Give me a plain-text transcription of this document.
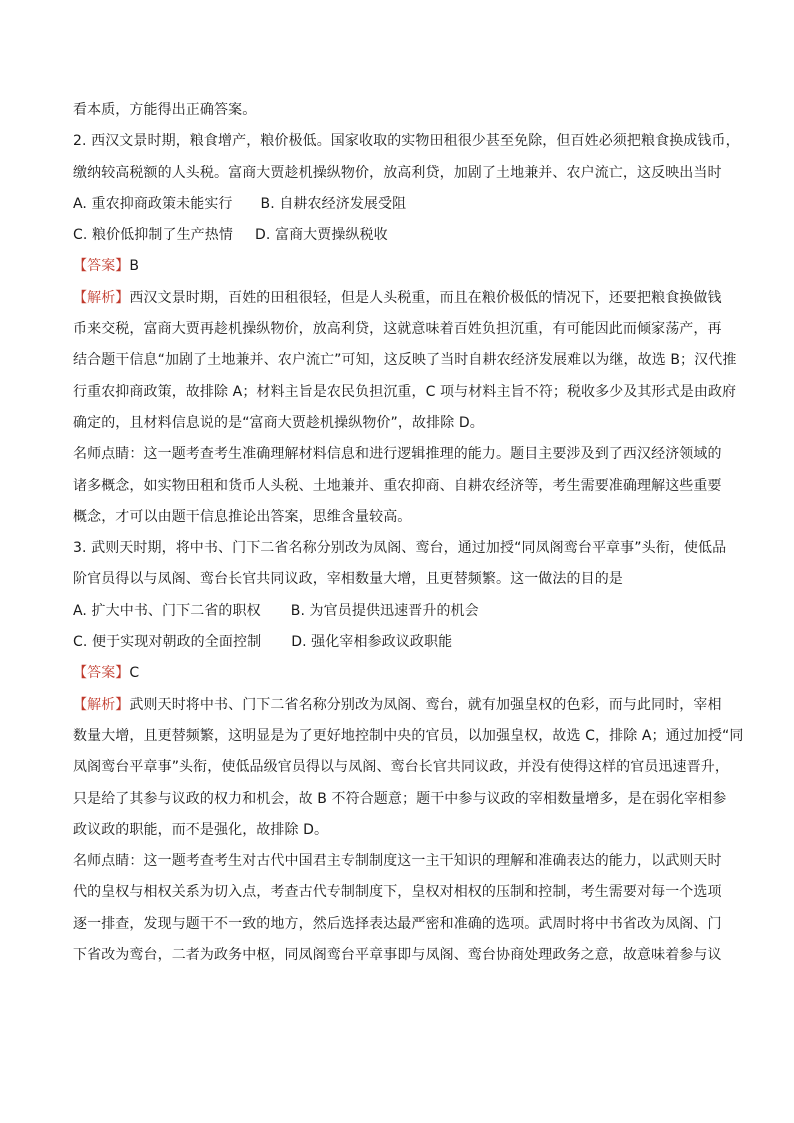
看本质，方能得出正确答案。
2. 西汉文景时期，粮食增产，粮价极低。国家收取的实物田租很少甚至免除，但百姓必须把粮食换成钱币，
缴纳较高税额的人头税。富商大贾趁机操纵物价，放高利贷，加剧了土地兼并、农户流亡，这反映出当时
A. 重农抑商政策未能实行 B. 自耕农经济发展受阻
C. 粮价低抑制了生产热情 D. 富商大贾操纵税收
【答案】B
【解析】西汉文景时期，百姓的田租很轻，但是人头税重，而且在粮价极低的情况下，还要把粮食换做钱
币来交税，富商大贾再趁机操纵物价，放高利贷，这就意味着百姓负担沉重，有可能因此而倾家荡产，再
结合题干信息“加剧了土地兼并、农户流亡”可知，这反映了当时自耕农经济发展难以为继，故选 B；汉代推
行重农抑商政策，故排除 A；材料主旨是农民负担沉重，C 项与材料主旨不符；税收多少及其形式是由政府
确定的，且材料信息说的是“富商大贾趁机操纵物价”，故排除 D。
名师点睛：这一题考查考生准确理解材料信息和进行逻辑推理的能力。题目主要涉及到了西汉经济领域的
诸多概念，如实物田租和货币人头税、土地兼并、重农抑商、自耕农经济等，考生需要准确理解这些重要
概念，才可以由题干信息推论出答案，思维含量较高。
3. 武则天时期，将中书、门下二省名称分别改为凤阁、鸾台，通过加授“同凤阁鸾台平章事”头衔，使低品
阶官员得以与凤阁、鸾台长官共同议政，宰相数量大增，且更替频繁。这一做法的目的是
A. 扩大中书、门下二省的职权 B. 为官员提供迅速晋升的机会
C. 便于实现对朝政的全面控制 D. 强化宰相参政议政职能
【答案】C
【解析】武则天时将中书、门下二省名称分别改为凤阁、鸾台，就有加强皇权的色彩，而与此同时，宰相
数量大增，且更替频繁，这明显是为了更好地控制中央的官员，以加强皇权，故选 C，排除 A；通过加授“同
凤阁鸾台平章事”头衔，使低品级官员得以与凤阁、鸾台长官共同议政，并没有使得这样的官员迅速晋升，
只是给了其参与议政的权力和机会，故 B 不符合题意；题干中参与议政的宰相数量增多，是在弱化宰相参
政议政的职能，而不是强化，故排除 D。
名师点睛：这一题考查考生对古代中国君主专制制度这一主干知识的理解和准确表达的能力，以武则天时
代的皇权与相权关系为切入点，考查古代专制制度下，皇权对相权的压制和控制，考生需要对每一个选项
逐一排查，发现与题干不一致的地方，然后选择表达最严密和准确的选项。武周时将中书省改为凤阁、门
下省改为鸾台，二者为政务中枢，同凤阁鸾台平章事即与凤阁、鸾台协商处理政务之意，故意味着参与议
